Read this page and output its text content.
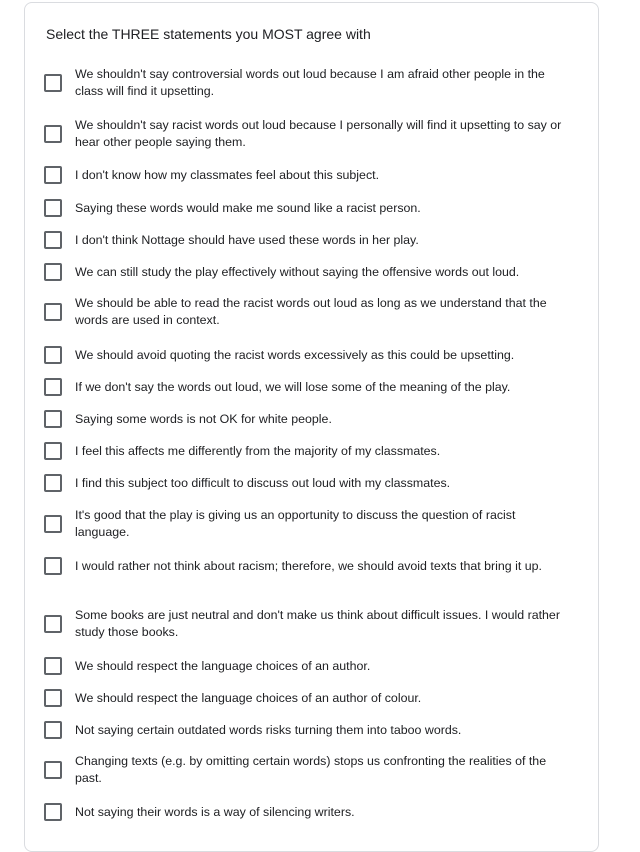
Select the THREE statements you MOST agree with
We shouldn't say controversial words out loud because I am afraid other people in the class will find it upsetting.
We shouldn't say racist words out loud because I personally will find it upsetting to say or hear other people saying them.
I don't know how my classmates feel about this subject.
Saying these words would make me sound like a racist person.
I don't think Nottage should have used these words in her play.
We can still study the play effectively without saying the offensive words out loud.
We should be able to read the racist words out loud as long as we understand that the words are used in context.
We should avoid quoting the racist words excessively as this could be upsetting.
If we don't say the words out loud, we will lose some of the meaning of the play.
Saying some words is not OK for white people.
I feel this affects me differently from the majority of my classmates.
I find this subject too difficult to discuss out loud with my classmates.
It's good that the play is giving us an opportunity to discuss the question of racist language.
I would rather not think about racism; therefore, we should avoid texts that bring it up.
Some books are just neutral and don't make us think about difficult issues. I would rather study those books.
We should respect the language choices of an author.
We should respect the language choices of an author of colour.
Not saying certain outdated words risks turning them into taboo words.
Changing texts (e.g. by omitting certain words) stops us confronting the realities of the past.
Not saying their words is a way of silencing writers.
